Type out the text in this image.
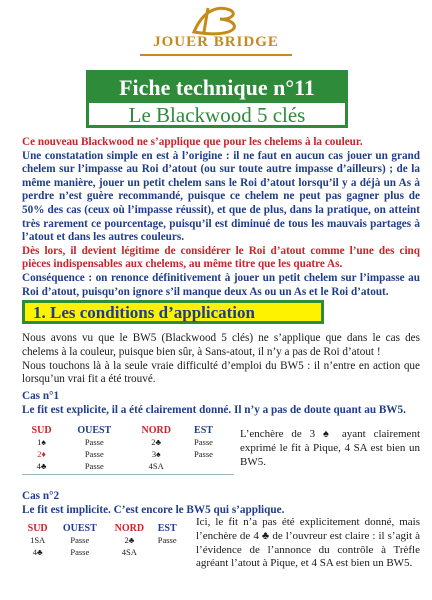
JOUER BRIDGE
Fiche technique n°11
Le Blackwood 5 clés
Ce nouveau Blackwood ne s’applique que pour les chelems à la couleur.
Une constatation simple en est à l’origine : il ne faut en aucun cas jouer un grand chelem sur l’impasse au Roi d’atout (ou sur toute autre impasse d’ailleurs) ; de la même manière, jouer un petit chelem sans le Roi d’atout lorsqu’il y a déjà un As à perdre n’est guère recommandé, puisque ce chelem ne peut pas gagner plus de 50% des cas (ceux où l’impasse réussit), et que de plus, dans la pratique, on atteint très rarement ce pourcentage, puisqu’il est diminué de tous les mauvais partages à l’atout et dans les autres couleurs.
Dès lors, il devient légitime de considérer le Roi d’atout comme l’une des cinq pièces indispensables aux chelems, au même titre que les quatre As.
Conséquence : on renonce définitivement à jouer un petit chelem sur l’impasse au Roi d’atout, puisqu’on ignore s’il manque deux As ou un As et le Roi d’atout.
1. Les conditions d’application
Nous avons vu que le BW5 (Blackwood 5 clés) ne s’applique que dans le cas des chelems à la couleur, puisque bien sûr, à Sans-atout, il n’y a pas de Roi d’atout !
Nous touchons là à la seule vraie difficulté d’emploi du BW5 : il n’entre en action que lorsqu’un vrai fit a été trouvé.
Cas n°1
Le fit est explicite, il a été clairement donné. Il n’y a pas de doute quant au BW5.
SUD	OUEST	NORD	EST
1♠	Passe	2♣	Passe
2♦	Passe	3♠	Passe
4♣	Passe	4SA	
L’enchère de 3 ♠ ayant clairement exprimé le fit à Pique, 4 SA est bien un BW5.
Cas n°2
Le fit est implicite. C’est encore le BW5 qui s’applique.
SUD	OUEST	NORD	EST
1SA	Passe	2♣	Passe
4♣	Passe	4SA	
Ici, le fit n’a pas été explicitement donné, mais l’enchère de 4 ♣ de l’ouvreur est claire : il s’agit à l’évidence de l’annonce du contrôle à Trèfle agréant l’atout à Pique, et 4 SA est bien un BW5.
